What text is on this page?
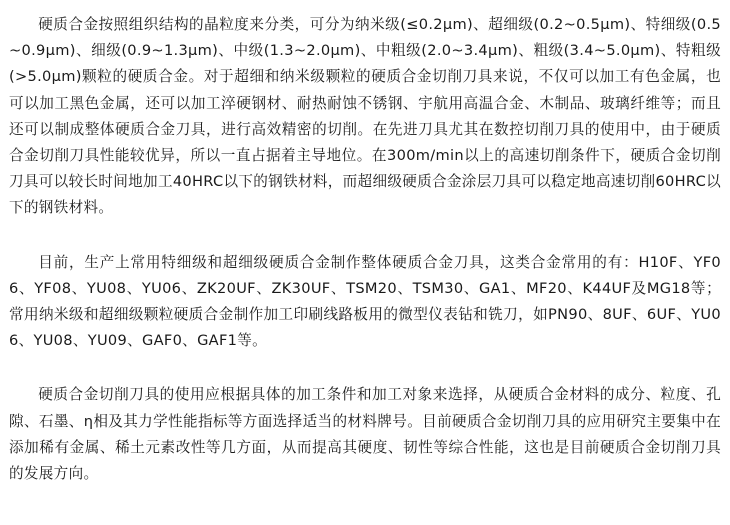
硬质合金按照组织结构的晶粒度来分类，可分为纳米级(≤0.2μm)、超细级(0.2~0.5μm)、特细级(0.5~0.9μm)、细级(0.9~1.3μm)、中级(1.3~2.0μm)、中粗级(2.0~3.4μm)、粗级(3.4~5.0μm)、特粗级(>5.0μm)颗粒的硬质合金。对于超细和纳米级颗粒的硬质合金切削刀具来说，不仅可以加工有色金属，也可以加工黑色金属，还可以加工淬硬钢材、耐热耐蚀不锈钢、宇航用高温合金、木制品、玻璃纤维等；而且还可以制成整体硬质合金刀具，进行高效精密的切削。在先进刀具尤其在数控切削刀具的使用中，由于硬质合金切削刀具性能较优异，所以一直占据着主导地位。在300m/min以上的高速切削条件下，硬质合金切削刀具可以较长时间地加工40HRC以下的钢铁材料，而超细级硬质合金涂层刀具可以稳定地高速切削60HRC以下的钢铁材料。

目前，生产上常用特细级和超细级硬质合金制作整体硬质合金刀具，这类合金常用的有：H10F、YF06、YF08、YU08、YU06、ZK20UF、ZK30UF、TSM20、TSM30、GA1、MF20、K44UF及MG18等；常用纳米级和超细级颗粒硬质合金制作加工印刷线路板用的微型仪表钻和铣刀，如PN90、8UF、6UF、YU06、YU08、YU09、GAF0、GAF1等。

硬质合金切削刀具的使用应根据具体的加工条件和加工对象来选择，从硬质合金材料的成分、粒度、孔隙、石墨、η相及其力学性能指标等方面选择适当的材料牌号。目前硬质合金切削刀具的应用研究主要集中在添加稀有金属、稀土元素改性等几方面，从而提高其硬度、韧性等综合性能，这也是目前硬质合金切削刀具的发展方向。
